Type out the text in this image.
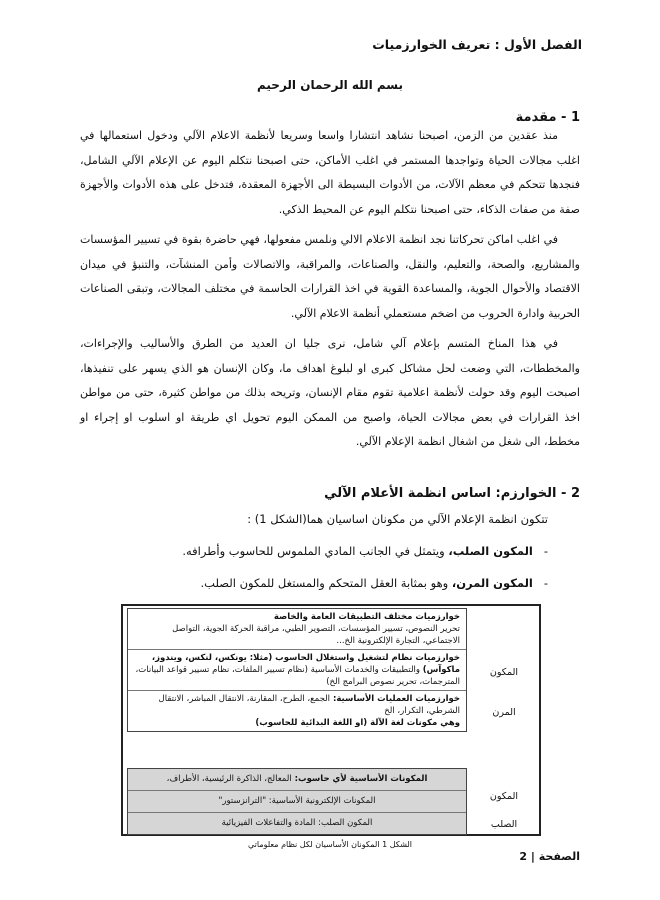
الفصل الأول : تعريف الخوارزميات
بسم الله الرحمان الرحيم
1 - مقدمة

منذ عقدين من الزمن، اصبحنا نشاهد انتشارا واسعا وسريعا لأنظمة الاعلام الآلي ودخول استعمالها في اغلب مجالات الحياة وتواجدها المستمر في اغلب الأماكن، حتى اصبحنا نتكلم اليوم عن الإعلام الآلي الشامل، فنجدها تتحكم في معظم الآلات، من الأدوات البسيطة الى الأجهزة المعقدة، فتدخل على هذه الأدوات والأجهزة صفة من صفات الذكاء، حتى اصبحنا نتكلم اليوم عن المحيط الذكي.

في اغلب اماكن تحركاتنا نجد انظمة الاعلام الالي ونلمس مفعولها، فهي حاضرة بقوة في تسيير المؤسسات والمشاريع، والصحة، والتعليم، والنقل، والصناعات، والمراقبة، والاتصالات وأمن المنشآت، والتنبؤ في ميدان الاقتصاد والأحوال الجوية، والمساعدة القوية في اخذ القرارات الحاسمة في مختلف المجالات، وتبقى الصناعات الحربية وادارة الحروب من اضخم مستعملي أنظمة الاعلام الآلي.

في هذا المناخ المتسم بإعلام آلي شامل، نرى جليا ان العديد من الطرق والأساليب والإجراءات، والمخططات، التي وضعت لحل مشاكل كبرى او لبلوغ اهداف ما، وكان الإنسان هو الذي يسهر على تنفيذها، اصبحت اليوم وقد حولت لأنظمة اعلامية تقوم مقام الإنسان، وتريحه بذلك من مواطن كثيرة، حتى من مواطن اخذ القرارات في بعض مجالات الحياة، واصبح من الممكن اليوم تحويل اي طريقة او اسلوب او إجراء او مخطط، الى شغل من اشغال انظمة الإعلام الآلي.

2 - الخوارزم: اساس انظمة الأعلام الآلي
تتكون انظمة الإعلام الآلي من مكونان اساسيان هما(الشكل 1) :
-   المكون الصلب، ويتمثل في الجانب المادي الملموس للحاسوب وأطرافه.
-   المكون المرن، وهو بمثابة العقل المتحكم والمستغل للمكون الصلب.
المكون
المرن
خوارزميات مختلف التطبيقات العامة والخاصة
تحرير النصوص، تسيير المؤسسات، التصوير الطبي، مراقبة الحركة الجوية، التواصل الاجتماعي، التجارة الإلكترونية الخ...
خوارزميات نظام لتشغيل واستغلال الحاسوب (مثلا: يونكس، لنكس، ويندوز، ماكوآس) والتطبيقات والخدمات الأساسية (نظام تسيير الملفات، نظام تسيير قواعد البيانات، المترجمات، تحرير نصوص البرامج الخ)
خوارزميات العمليات الأساسية: الجمع، الطرح، المقارنة، الانتقال المباشر، الانتقال الشرطي، التكرار، الخ
وهي مكونات لغة الآلة (او اللغة البدائية للحاسوب)
المكون
الصلب
المكونات الأساسية لأي حاسوب: المعالج، الذاكرة الرئيسية، الأطراف،
المكونات الإلكترونية الأساسية: "الترانزستور"
المكون الصلب: المادة والتفاعلات الفيزيائية
الشكل 1 المكونان الأساسيان لكل نظام معلوماتي
الصفحة | 2
